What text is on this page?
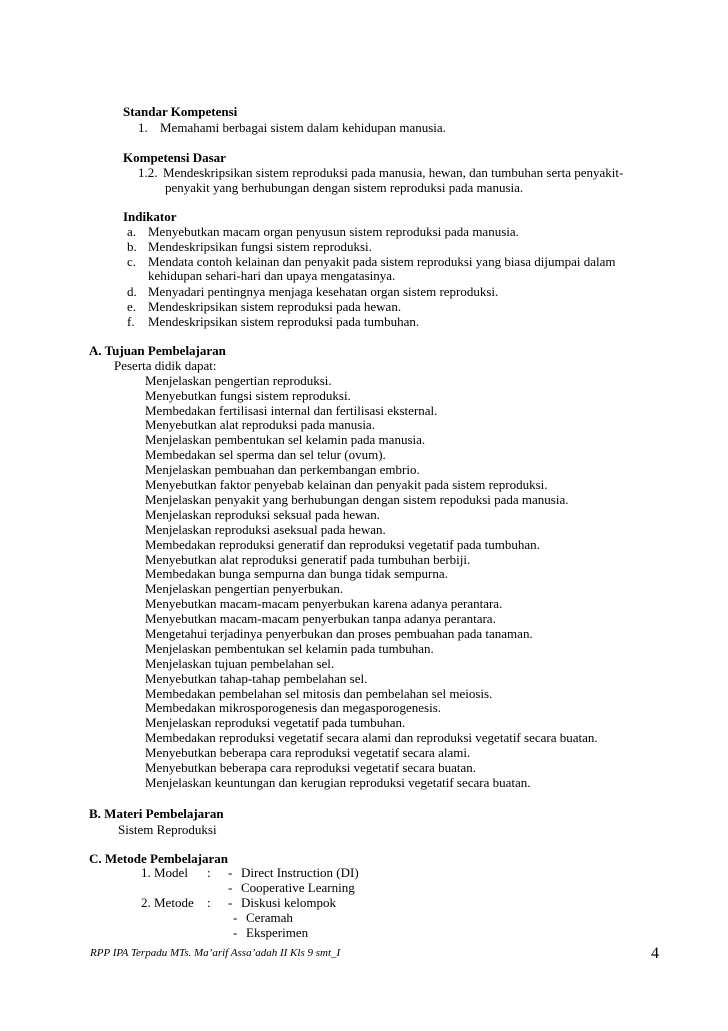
Standar Kompetensi
1. Memahami berbagai sistem dalam kehidupan manusia.
Kompetensi Dasar
1.2. Mendeskripsikan sistem reproduksi pada manusia, hewan, dan tumbuhan serta penyakit-
penyakit yang berhubungan dengan sistem reproduksi pada manusia.
Indikator
a. Menyebutkan macam organ penyusun sistem reproduksi pada manusia.
b. Mendeskripsikan fungsi sistem reproduksi.
c. Mendata contoh kelainan dan penyakit pada sistem reproduksi yang biasa dijumpai dalam
kehidupan sehari-hari dan upaya mengatasinya.
d. Menyadari pentingnya menjaga kesehatan organ sistem reproduksi.
e. Mendeskripsikan sistem reproduksi pada hewan.
f. Mendeskripsikan sistem reproduksi pada tumbuhan.
A. Tujuan Pembelajaran
Peserta didik dapat:
Menjelaskan pengertian reproduksi.
Menyebutkan fungsi sistem reproduksi.
Membedakan fertilisasi internal dan fertilisasi eksternal.
Menyebutkan alat reproduksi pada manusia.
Menjelaskan pembentukan sel kelamin pada manusia.
Membedakan sel sperma dan sel telur (ovum).
Menjelaskan pembuahan dan perkembangan embrio.
Menyebutkan faktor penyebab kelainan dan penyakit pada sistem reproduksi.
Menjelaskan penyakit yang berhubungan dengan sistem repoduksi pada manusia.
Menjelaskan reproduksi seksual pada hewan.
Menjelaskan reproduksi aseksual pada hewan.
Membedakan reproduksi generatif dan reproduksi vegetatif pada tumbuhan.
Menyebutkan alat reproduksi generatif pada tumbuhan berbiji.
Membedakan bunga sempurna dan bunga tidak sempurna.
Menjelaskan pengertian penyerbukan.
Menyebutkan macam-macam penyerbukan karena adanya perantara.
Menyebutkan macam-macam penyerbukan tanpa adanya perantara.
Mengetahui terjadinya penyerbukan dan proses pembuahan pada tanaman.
Menjelaskan pembentukan sel kelamin pada tumbuhan.
Menjelaskan tujuan pembelahan sel.
Menyebutkan tahap-tahap pembelahan sel.
Membedakan pembelahan sel mitosis dan pembelahan sel meiosis.
Membedakan mikrosporogenesis dan megasporogenesis.
Menjelaskan reproduksi vegetatif pada tumbuhan.
Membedakan reproduksi vegetatif secara alami dan reproduksi vegetatif secara buatan.
Menyebutkan beberapa cara reproduksi vegetatif secara alami.
Menyebutkan beberapa cara reproduksi vegetatif secara buatan.
Menjelaskan keuntungan dan kerugian reproduksi vegetatif secara buatan.
B. Materi Pembelajaran
Sistem Reproduksi
C. Metode Pembelajaran
1. Model : - Direct Instruction (DI)
- Cooperative Learning
2. Metode : - Diskusi kelompok
- Ceramah
- Eksperimen
RPP IPA Terpadu MTs. Ma’arif Assa’adah II Kls 9 smt_I	4
